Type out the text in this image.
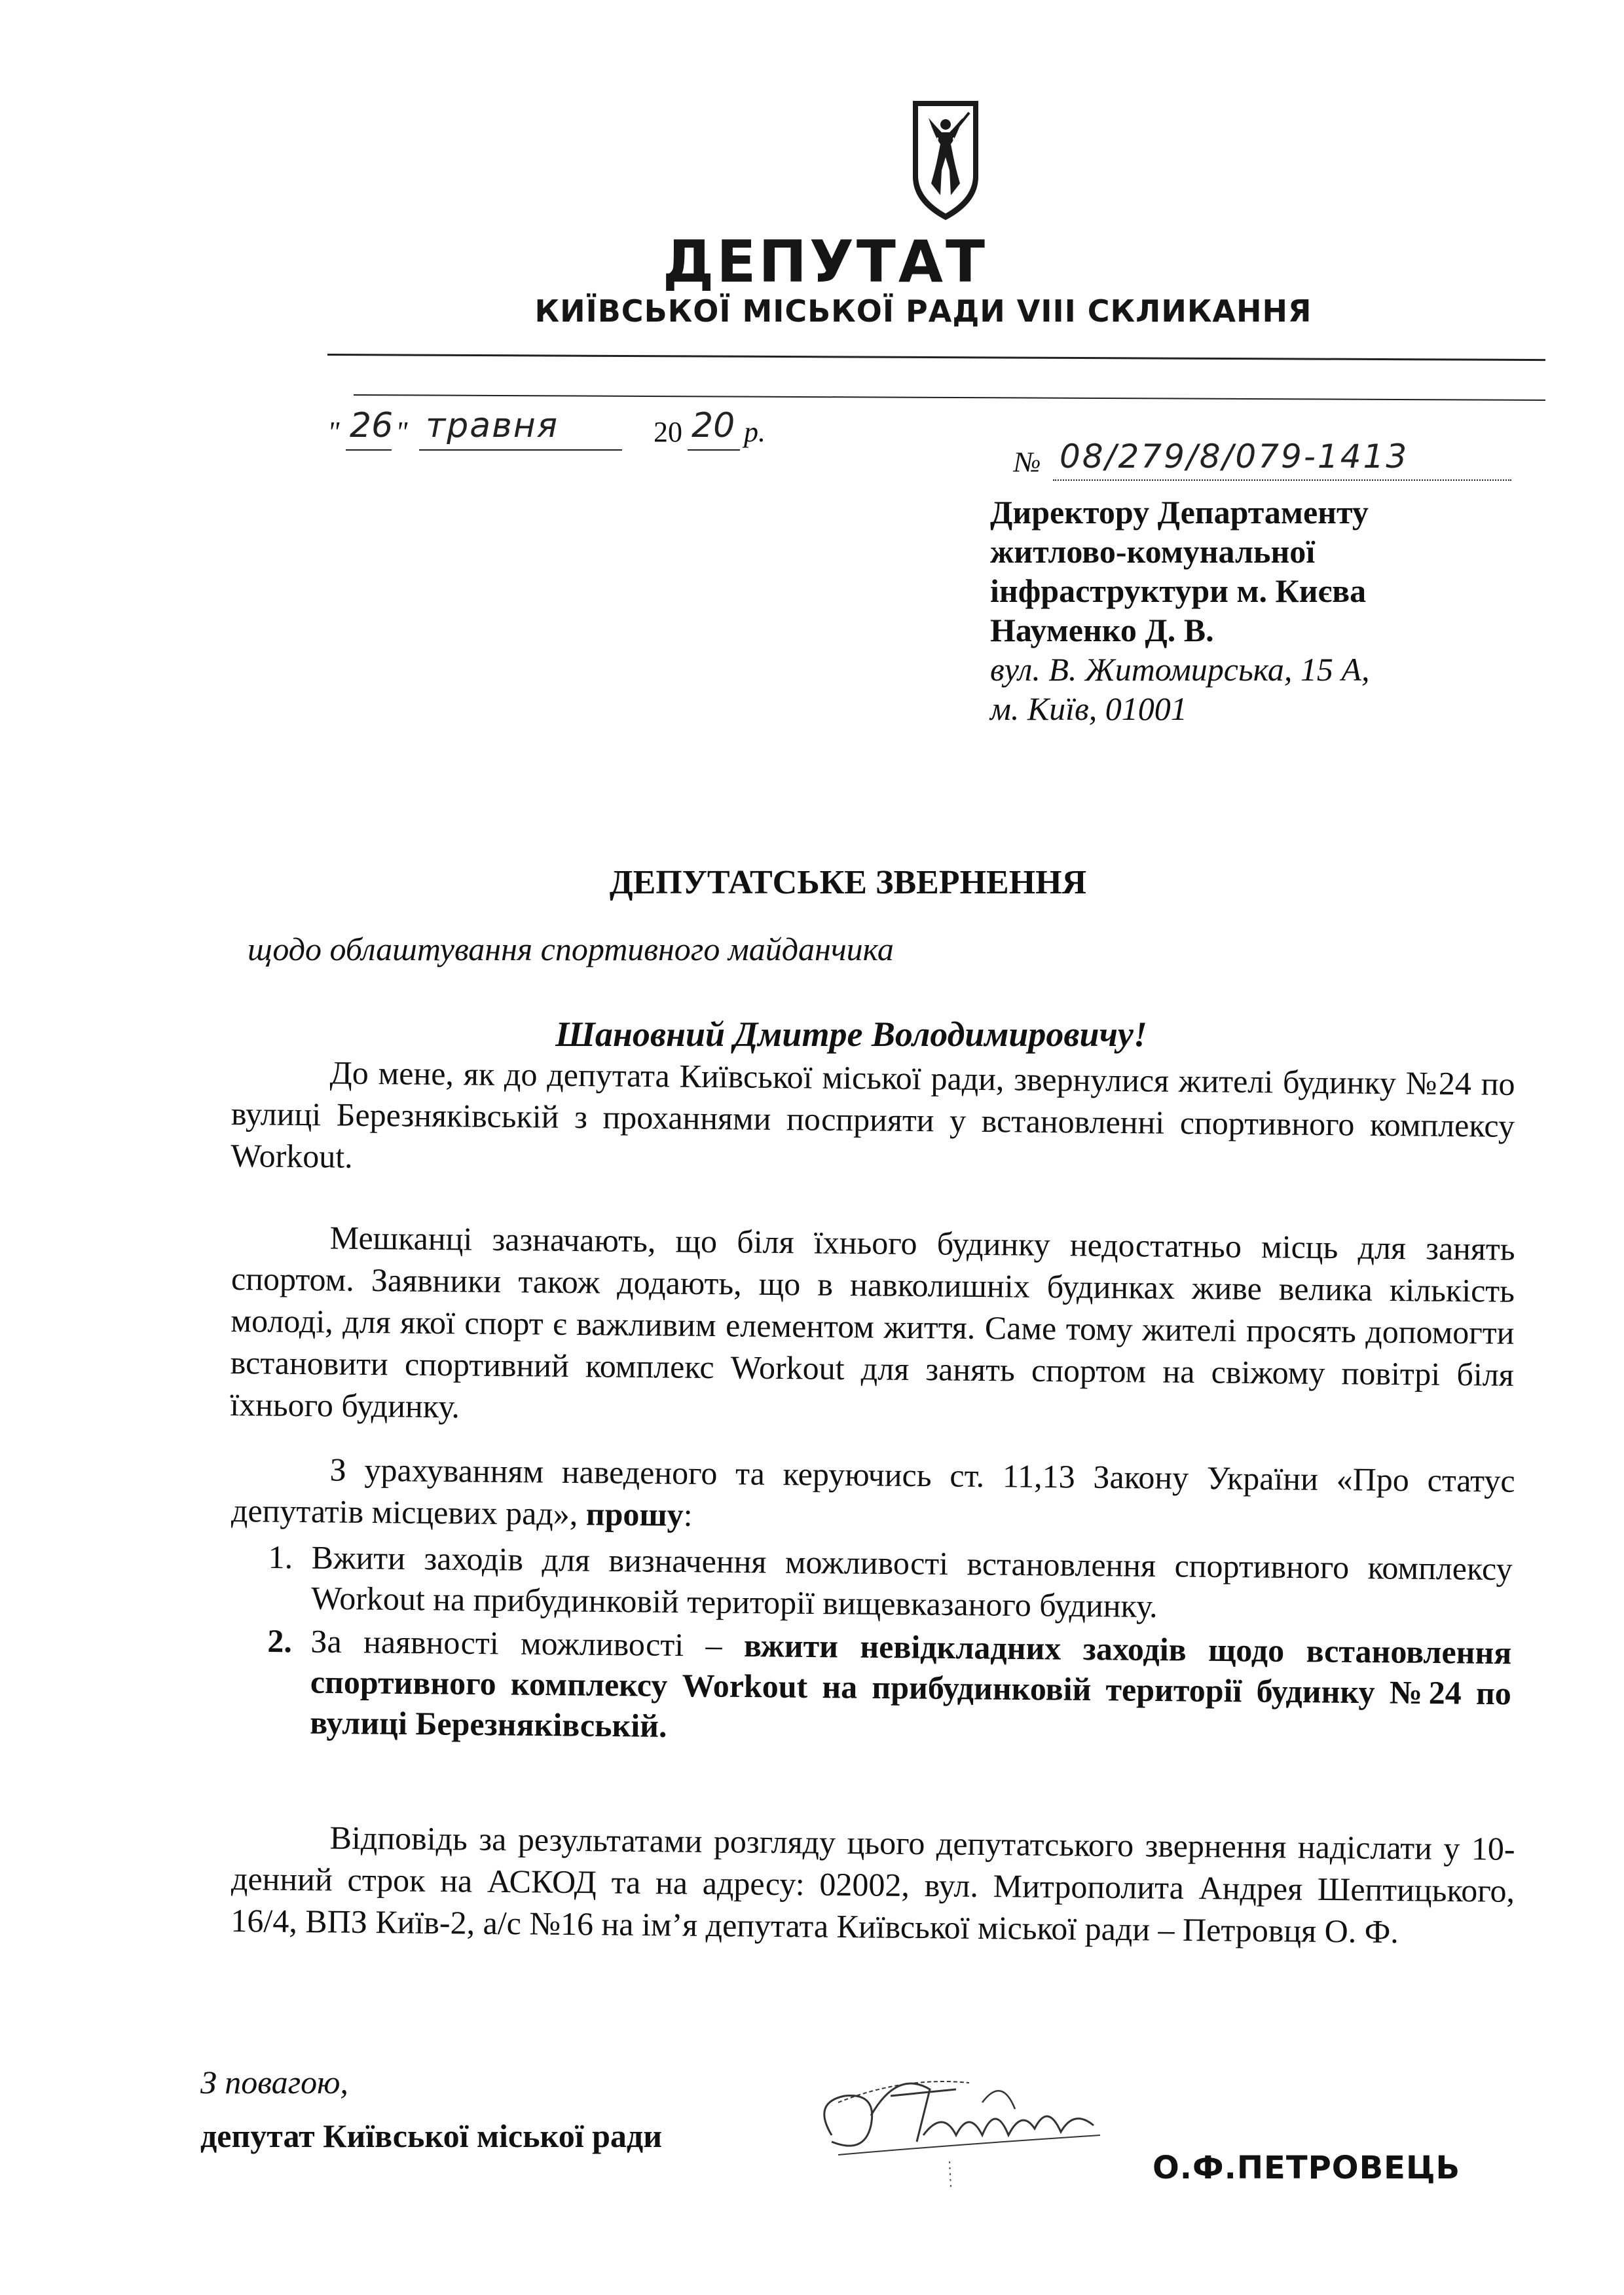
ДЕПУТАТ
КИЇВСЬКОЇ МІСЬКОЇ РАДИ VIII СКЛИКАННЯ
" 26 " травня	20 20 р.
№ 08/279/8/079-1413
Директору Департаменту
житлово-комунальної
інфраструктури м. Києва
Науменко Д. В.
вул. В. Житомирська, 15 А,
м. Київ, 01001
ДЕПУТАТСЬКЕ ЗВЕРНЕННЯ
щодо облаштування спортивного майданчика
Шановний Дмитре Володимировичу!
До мене, як до депутата Київської міської ради, звернулися жителі будинку №24 по вулиці Березняківській з проханнями посприяти у встановленні спортивного комплексу Workout.
Мешканці зазначають, що біля їхнього будинку недостатньо місць для занять спортом. Заявники також додають, що в навколишніх будинках живе велика кількість молоді, для якої спорт є важливим елементом життя. Саме тому жителі просять допомогти встановити спортивний комплекс Workout для занять спортом на свіжому повітрі біля їхнього будинку.
З урахуванням наведеного та керуючись ст. 11,13 Закону України «Про статус депутатів місцевих рад», прошу:
1. Вжити заходів для визначення можливості встановлення спортивного комплексу Workout на прибудинковій території вищевказаного будинку.
2. За наявності можливості – вжити невідкладних заходів щодо встановлення спортивного комплексу Workout на прибудинковій території будинку №24 по вулиці Березняківській.
Відповідь за результатами розгляду цього депутатського звернення надіслати у 10-денний строк на АСКОД та на адресу: 02002, вул. Митрополита Андрея Шептицького, 16/4, ВПЗ Київ-2, а/с №16 на ім’я депутата Київської міської ради – Петровця О. Ф.
З повагою,
депутат Київської міської ради
О.Ф.ПЕТРОВЕЦЬ
